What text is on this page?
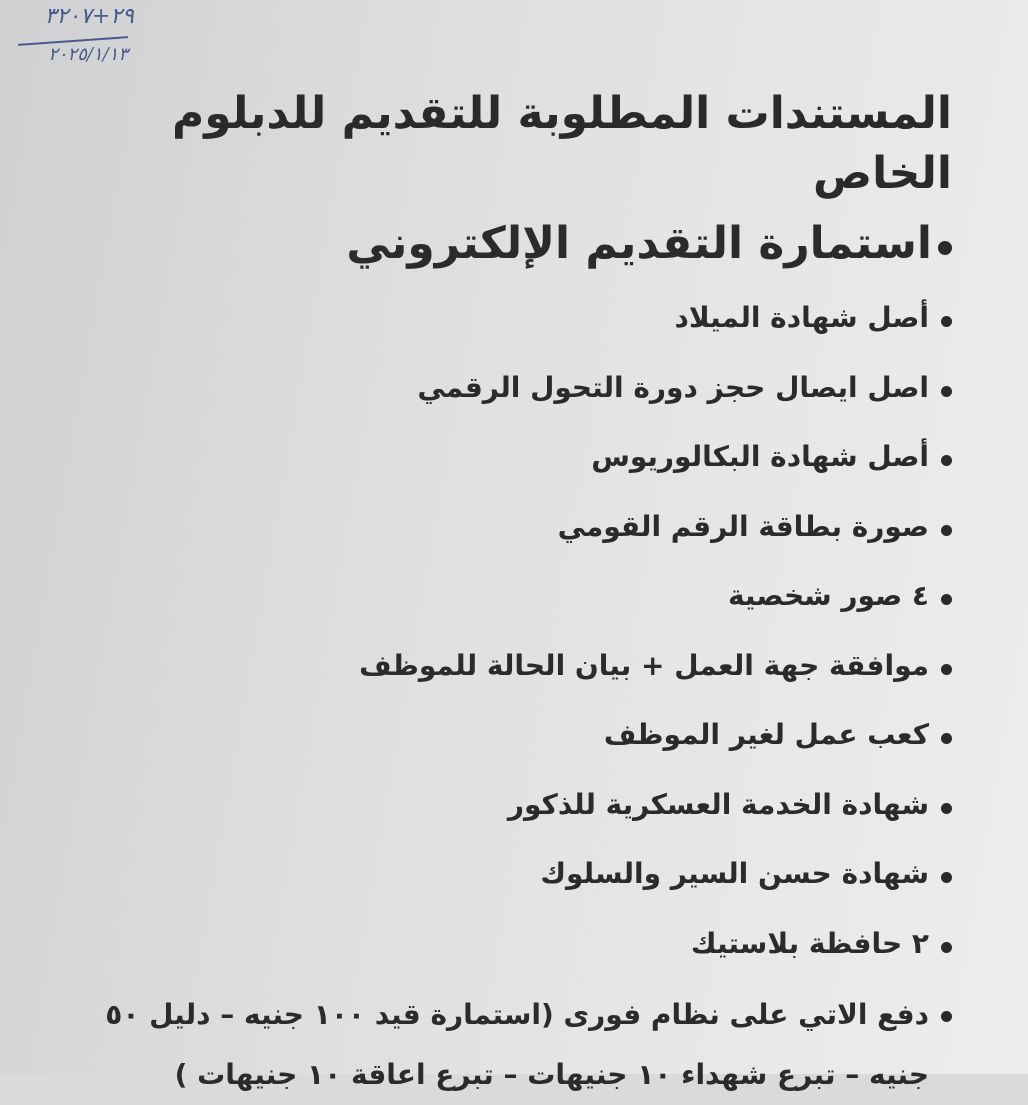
٢٩+٣٢٠٧
٢٠٢٥/١/١٣
المستندات المطلوبة للتقديم للدبلوم الخاص
استمارة التقديم الإلكتروني
أصل شهادة الميلاد
اصل ايصال حجز دورة التحول الرقمي
أصل شهادة البكالوريوس
صورة بطاقة الرقم القومي
٤ صور شخصية
موافقة جهة العمل + بيان الحالة للموظف
كعب عمل لغير الموظف
شهادة الخدمة العسكرية للذكور
شهادة حسن السير والسلوك
٢ حافظة بلاستيك
دفع الاتي على نظام فورى (استمارة قيد ١٠٠ جنيه – دليل ٥٠ جنيه – تبرع شهداء ١٠ جنيهات – تبرع اعاقة ١٠ جنيهات )
